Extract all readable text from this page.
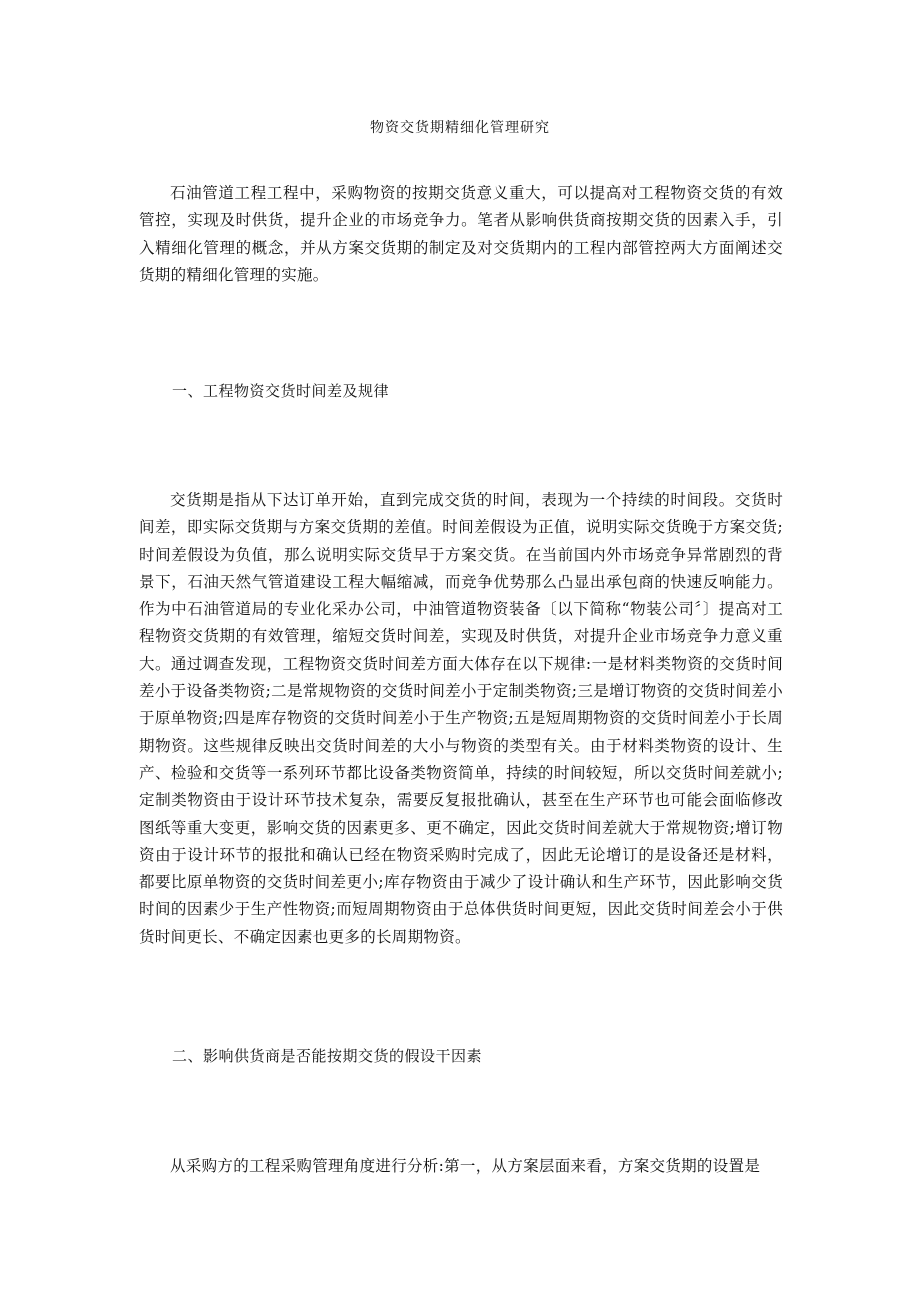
物资交货期精细化管理研究

石油管道工程工程中，采购物资的按期交货意义重大，可以提高对工程物资交货的有效管控，实现及时供货，提升企业的市场竞争力。笔者从影响供货商按期交货的因素入手，引入精细化管理的概念，并从方案交货期的制定及对交货期内的工程内部管控两大方面阐述交货期的精细化管理的实施。

一、工程物资交货时间差及规律

交货期是指从下达订单开始，直到完成交货的时间，表现为一个持续的时间段。交货时间差，即实际交货期与方案交货期的差值。时间差假设为正值，说明实际交货晚于方案交货;时间差假设为负值，那么说明实际交货早于方案交货。在当前国内外市场竞争异常剧烈的背景下，石油天然气管道建设工程大幅缩减，而竞争优势那么凸显出承包商的快速反响能力。作为中石油管道局的专业化采办公司，中油管道物资装备〔以下简称“物装公司〞〕提高对工程物资交货期的有效管理，缩短交货时间差，实现及时供货，对提升企业市场竞争力意义重大。通过调查发现，工程物资交货时间差方面大体存在以下规律:一是材料类物资的交货时间差小于设备类物资;二是常规物资的交货时间差小于定制类物资;三是增订物资的交货时间差小于原单物资;四是库存物资的交货时间差小于生产物资;五是短周期物资的交货时间差小于长周期物资。这些规律反映出交货时间差的大小与物资的类型有关。由于材料类物资的设计、生产、检验和交货等一系列环节都比设备类物资简单，持续的时间较短，所以交货时间差就小;定制类物资由于设计环节技术复杂，需要反复报批确认，甚至在生产环节也可能会面临修改图纸等重大变更，影响交货的因素更多、更不确定，因此交货时间差就大于常规物资;增订物资由于设计环节的报批和确认已经在物资采购时完成了，因此无论增订的是设备还是材料，都要比原单物资的交货时间差更小;库存物资由于减少了设计确认和生产环节，因此影响交货时间的因素少于生产性物资;而短周期物资由于总体供货时间更短，因此交货时间差会小于供货时间更长、不确定因素也更多的长周期物资。

二、影响供货商是否能按期交货的假设干因素

从采购方的工程采购管理角度进行分析:第一，从方案层面来看，方案交货期的设置是
